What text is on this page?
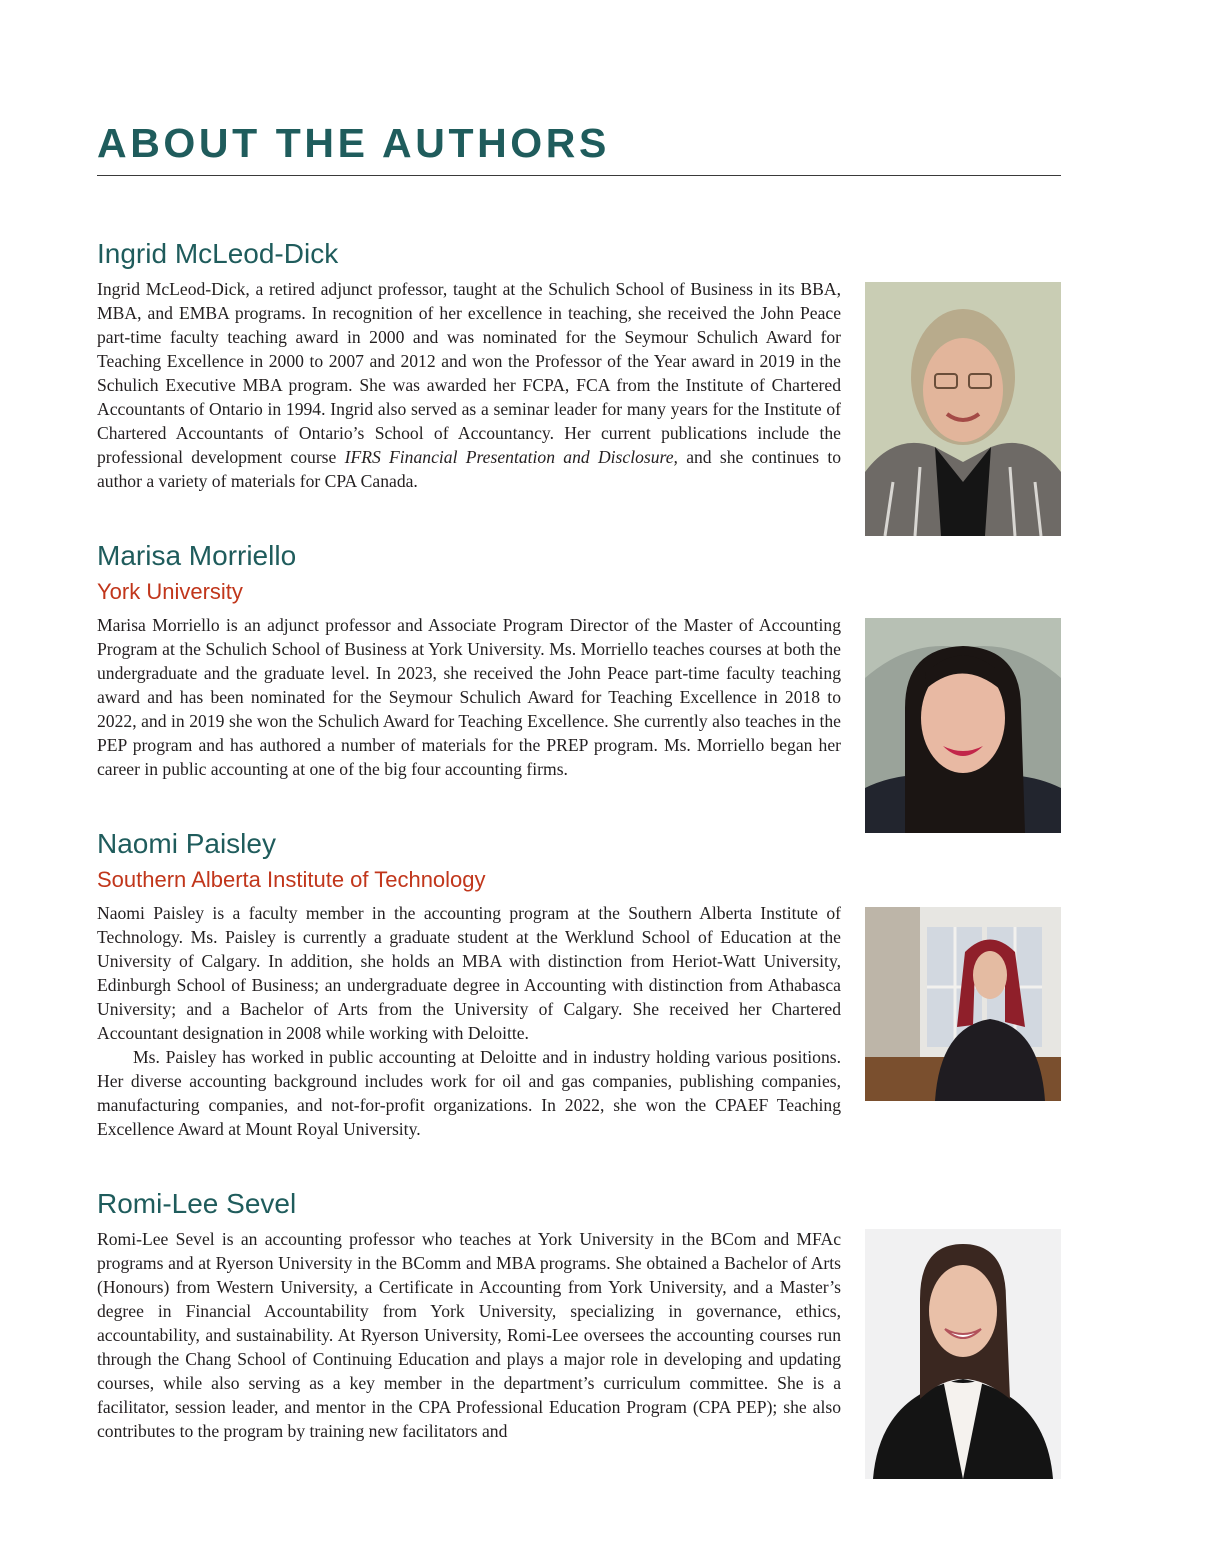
ABOUT THE AUTHORS
Ingrid McLeod-Dick

Ingrid McLeod-Dick, a retired adjunct professor, taught at the Schulich School of Business in its BBA, MBA, and EMBA programs. In recognition of her excellence in teaching, she received the John Peace part-time faculty teaching award in 2000 and was nominated for the Seymour Schulich Award for Teaching Excellence in 2000 to 2007 and 2012 and won the Professor of the Year award in 2019 in the Schulich Executive MBA program. She was awarded her FCPA, FCA from the Institute of Chartered Accountants of Ontario in 1994. Ingrid also served as a seminar leader for many years for the Institute of Chartered Accountants of Ontario’s School of Accountancy. Her current publications include the professional development course IFRS Financial Presentation and Disclosure, and she continues to author a variety of materials for CPA Canada.

Marisa Morriello
York University

Marisa Morriello is an adjunct professor and Associate Program Director of the Master of Accounting Program at the Schulich School of Business at York University. Ms. Morriello teaches courses at both the undergraduate and the graduate level. In 2023, she received the John Peace part-time faculty teaching award and has been nominated for the Seymour Schulich Award for Teaching Excellence in 2018 to 2022, and in 2019 she won the Schulich Award for Teaching Excellence. She currently also teaches in the PEP program and has authored a number of materials for the PREP program. Ms. Morriello began her career in public accounting at one of the big four accounting firms.

Naomi Paisley
Southern Alberta Institute of Technology

Naomi Paisley is a faculty member in the accounting program at the Southern Alberta Institute of Technology. Ms. Paisley is currently a graduate student at the Werklund School of Education at the University of Calgary. In addition, she holds an MBA with distinction from Heriot-Watt University, Edinburgh School of Business; an undergraduate degree in Accounting with distinction from Athabasca University; and a Bachelor of Arts from the University of Calgary. She received her Chartered Accountant designation in 2008 while working with Deloitte.

Ms. Paisley has worked in public accounting at Deloitte and in industry holding various positions. Her diverse accounting background includes work for oil and gas companies, publishing companies, manufacturing companies, and not-for-profit organizations. In 2022, she won the CPAEF Teaching Excellence Award at Mount Royal University.

Romi-Lee Sevel

Romi-Lee Sevel is an accounting professor who teaches at York University in the BCom and MFAc programs and at Ryerson University in the BComm and MBA programs. She obtained a Bachelor of Arts (Honours) from Western University, a Certificate in Accounting from York University, and a Master’s degree in Financial Accountability from York University, specializing in governance, ethics, accountability, and sustainability. At Ryerson University, Romi-Lee oversees the accounting courses run through the Chang School of Continuing Education and plays a major role in developing and updating courses, while also serving as a key member in the department’s curriculum committee. She is a facilitator, session leader, and mentor in the CPA Professional Education Program (CPA PEP); she also contributes to the program by training new facilitators and
